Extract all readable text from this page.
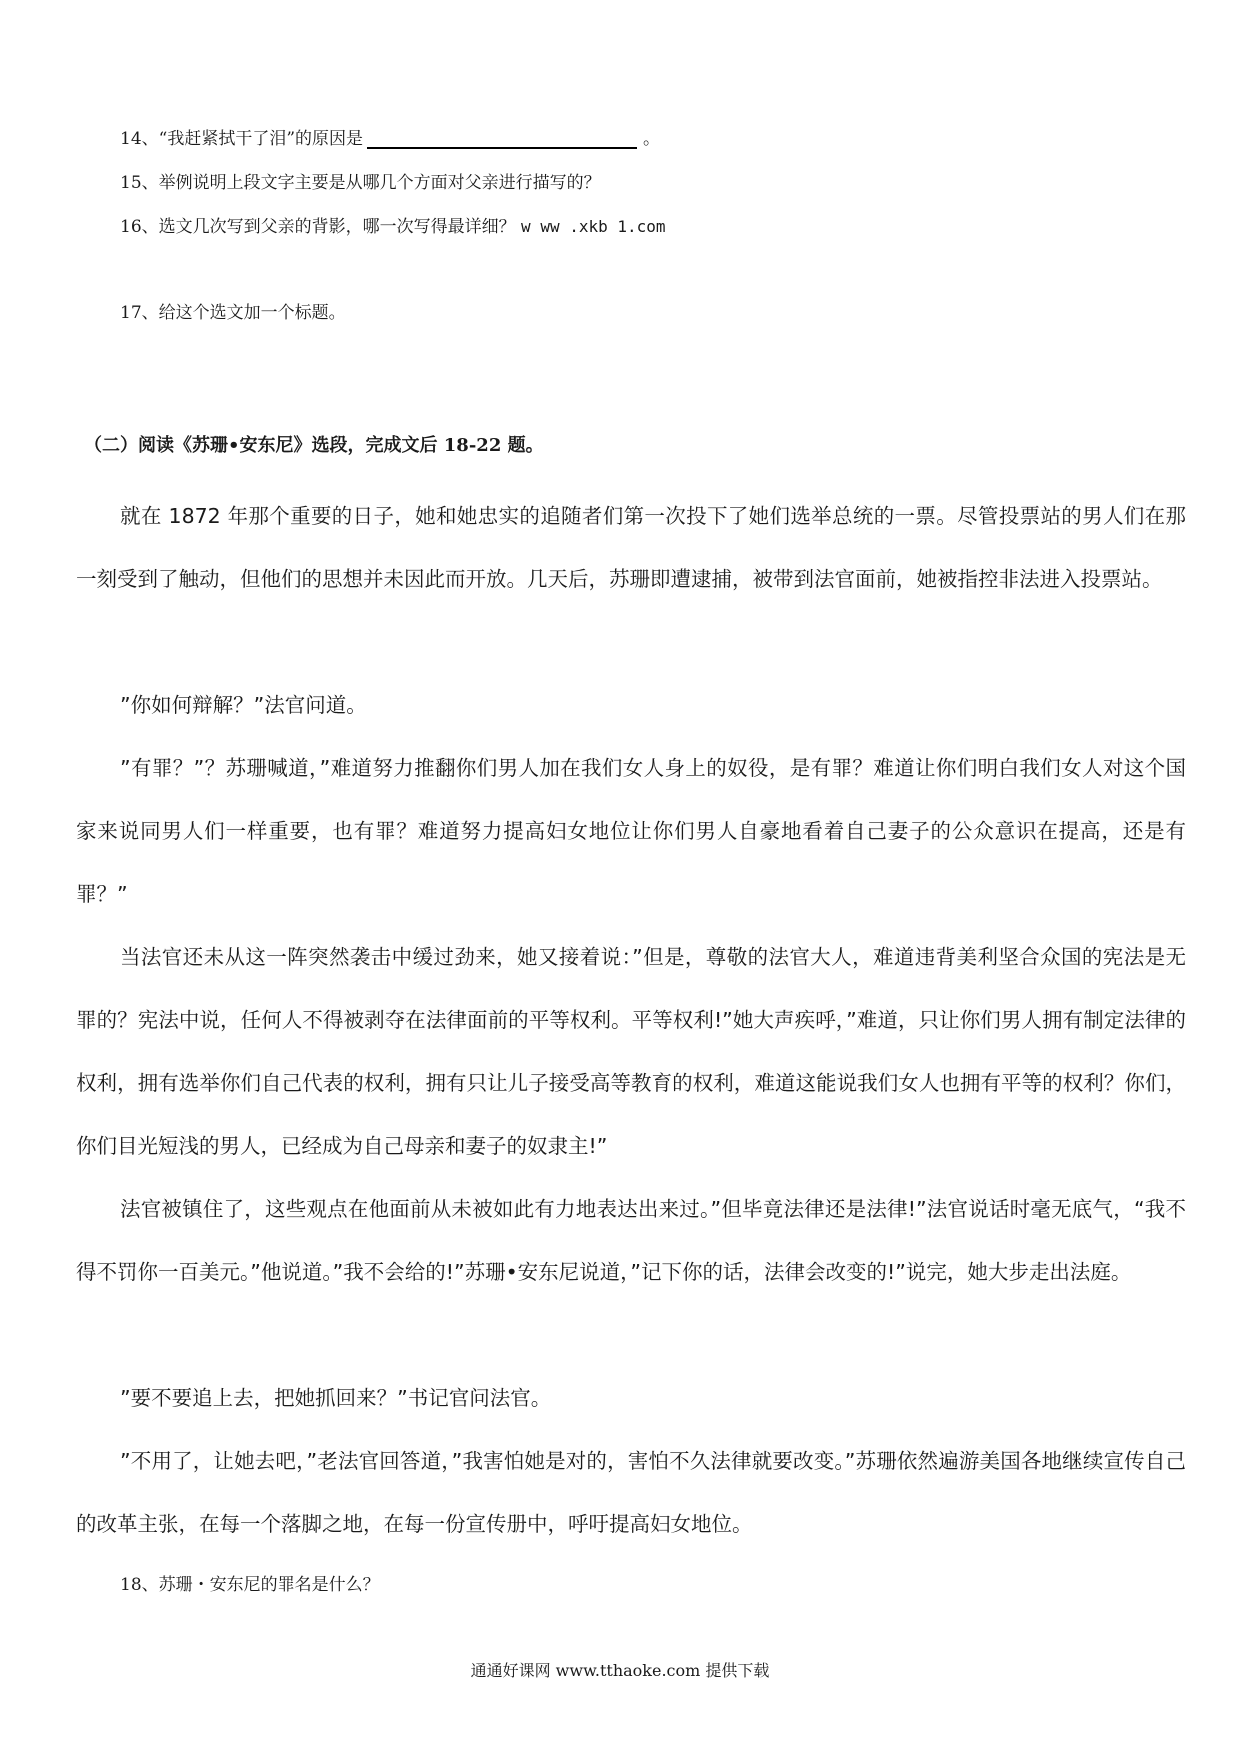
14、“我赶紧拭干了泪”的原因是	。
15、举例说明上段文字主要是从哪几个方面对父亲进行描写的？
16、选文几次写到父亲的背影，哪一次写得最详细？ w ww .xkb 1.com
17、给这个选文加一个标题。
（二）阅读《苏珊•安东尼》选段，完成文后 18-22 题。

就在 1872 年那个重要的日子，她和她忠实的追随者们第一次投下了她们选举总统的一票。尽管投票站的男人们在那一刻受到了触动，但他们的思想并未因此而开放。几天后，苏珊即遭逮捕，被带到法官面前，她被指控非法进入投票站。

”你如何辩解？”法官问道。

”有罪？”？苏珊喊道，”难道努力推翻你们男人加在我们女人身上的奴役，是有罪？难道让你们明白我们女人对这个国家来说同男人们一样重要，也有罪？难道努力提高妇女地位让你们男人自豪地看着自己妻子的公众意识在提高，还是有罪？”

当法官还未从这一阵突然袭击中缓过劲来，她又接着说：”但是，尊敬的法官大人，难道违背美利坚合众国的宪法是无罪的？宪法中说，任何人不得被剥夺在法律面前的平等权利。平等权利!”她大声疾呼，”难道，只让你们男人拥有制定法律的权利，拥有选举你们自己代表的权利，拥有只让儿子接受高等教育的权利，难道这能说我们女人也拥有平等的权利？你们，你们目光短浅的男人，已经成为自己母亲和妻子的奴隶主!”

法官被镇住了，这些观点在他面前从未被如此有力地表达出来过。”但毕竟法律还是法律!”法官说话时毫无底气，“我不得不罚你一百美元。”他说道。”我不会给的!”苏珊•安东尼说道，”记下你的话，法律会改变的!”说完，她大步走出法庭。

”要不要追上去，把她抓回来？”书记官问法官。

”不用了，让她去吧，”老法官回答道，”我害怕她是对的，害怕不久法律就要改变。”苏珊依然遍游美国各地继续宣传自己的改革主张，在每一个落脚之地，在每一份宣传册中，呼吁提高妇女地位。

18、苏珊・安东尼的罪名是什么？
通通好课网 www.tthaoke.com 提供下载
